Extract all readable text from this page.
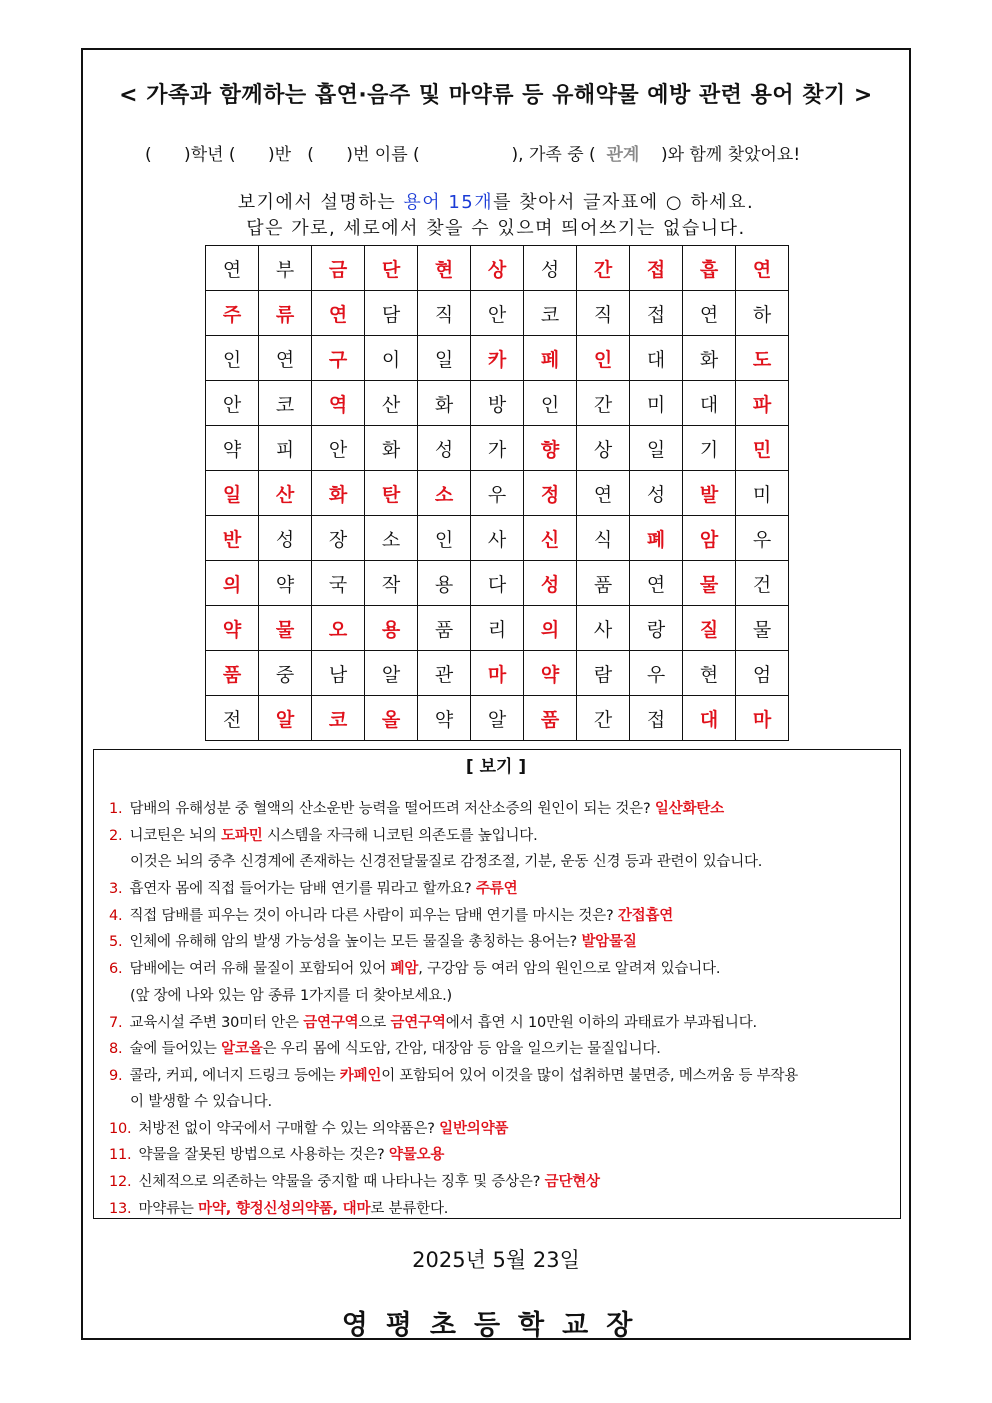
< 가족과 함께하는 흡연·음주 및 마약류 등 유해약물 예방 관련 용어 찾기 >
(      )학년 (      )반   (      )번 이름 (                 ), 가족 중 (  관계    )와 함께 찾았어요!
보기에서 설명하는 용어 15개를 찾아서 글자표에 ○ 하세요.
답은 가로, 세로에서 찾을 수 있으며 띄어쓰기는 없습니다.
연	부	금	단	현	상	성	간	접	흡	연
주	류	연	담	직	안	코	직	접	연	하
인	연	구	이	일	카	페	인	대	화	도
안	코	역	산	화	방	인	간	미	대	파
약	피	안	화	성	가	향	상	일	기	민
일	산	화	탄	소	우	정	연	성	발	미
반	성	장	소	인	사	신	식	폐	암	우
의	약	국	작	용	다	성	품	연	물	건
약	물	오	용	품	리	의	사	랑	질	물
품	중	남	알	관	마	약	람	우	현	엄
전	알	코	올	약	알	품	간	접	대	마
[ 보기 ]
1. 담배의 유해성분 중 혈액의 산소운반 능력을 떨어뜨려 저산소증의 원인이 되는 것은? 일산화탄소
2. 니코틴은 뇌의 도파민 시스템을 자극해 니코틴 의존도를 높입니다.
이것은 뇌의 중추 신경계에 존재하는 신경전달물질로 감정조절, 기분, 운동 신경 등과 관련이 있습니다.
3. 흡연자 몸에 직접 들어가는 담배 연기를 뭐라고 할까요? 주류연
4. 직접 담배를 피우는 것이 아니라 다른 사람이 피우는 담배 연기를 마시는 것은? 간접흡연
5. 인체에 유해해 암의 발생 가능성을 높이는 모든 물질을 총칭하는 용어는? 발암물질
6. 담배에는 여러 유해 물질이 포함되어 있어 폐암, 구강암 등 여러 암의 원인으로 알려져 있습니다.
(앞 장에 나와 있는 암 종류 1가지를 더 찾아보세요.)
7. 교육시설 주변 30미터 안은 금연구역으로 금연구역에서 흡연 시 10만원 이하의 과태료가 부과됩니다.
8. 술에 들어있는 알코올은 우리 몸에 식도암, 간암, 대장암 등 암을 일으키는 물질입니다.
9. 콜라, 커피, 에너지 드링크 등에는 카페인이 포함되어 있어 이것을 많이 섭취하면 불면증, 메스꺼움 등 부작용
이 발생할 수 있습니다.
10. 처방전 없이 약국에서 구매할 수 있는 의약품은? 일반의약품
11. 약물을 잘못된 방법으로 사용하는 것은? 약물오용
12. 신체적으로 의존하는 약물을 중지할 때 나타나는 징후 및 증상은? 금단현상
13. 마약류는 마약, 향정신성의약품, 대마로 분류한다.
2025년 5월 23일
영평초등학교장
